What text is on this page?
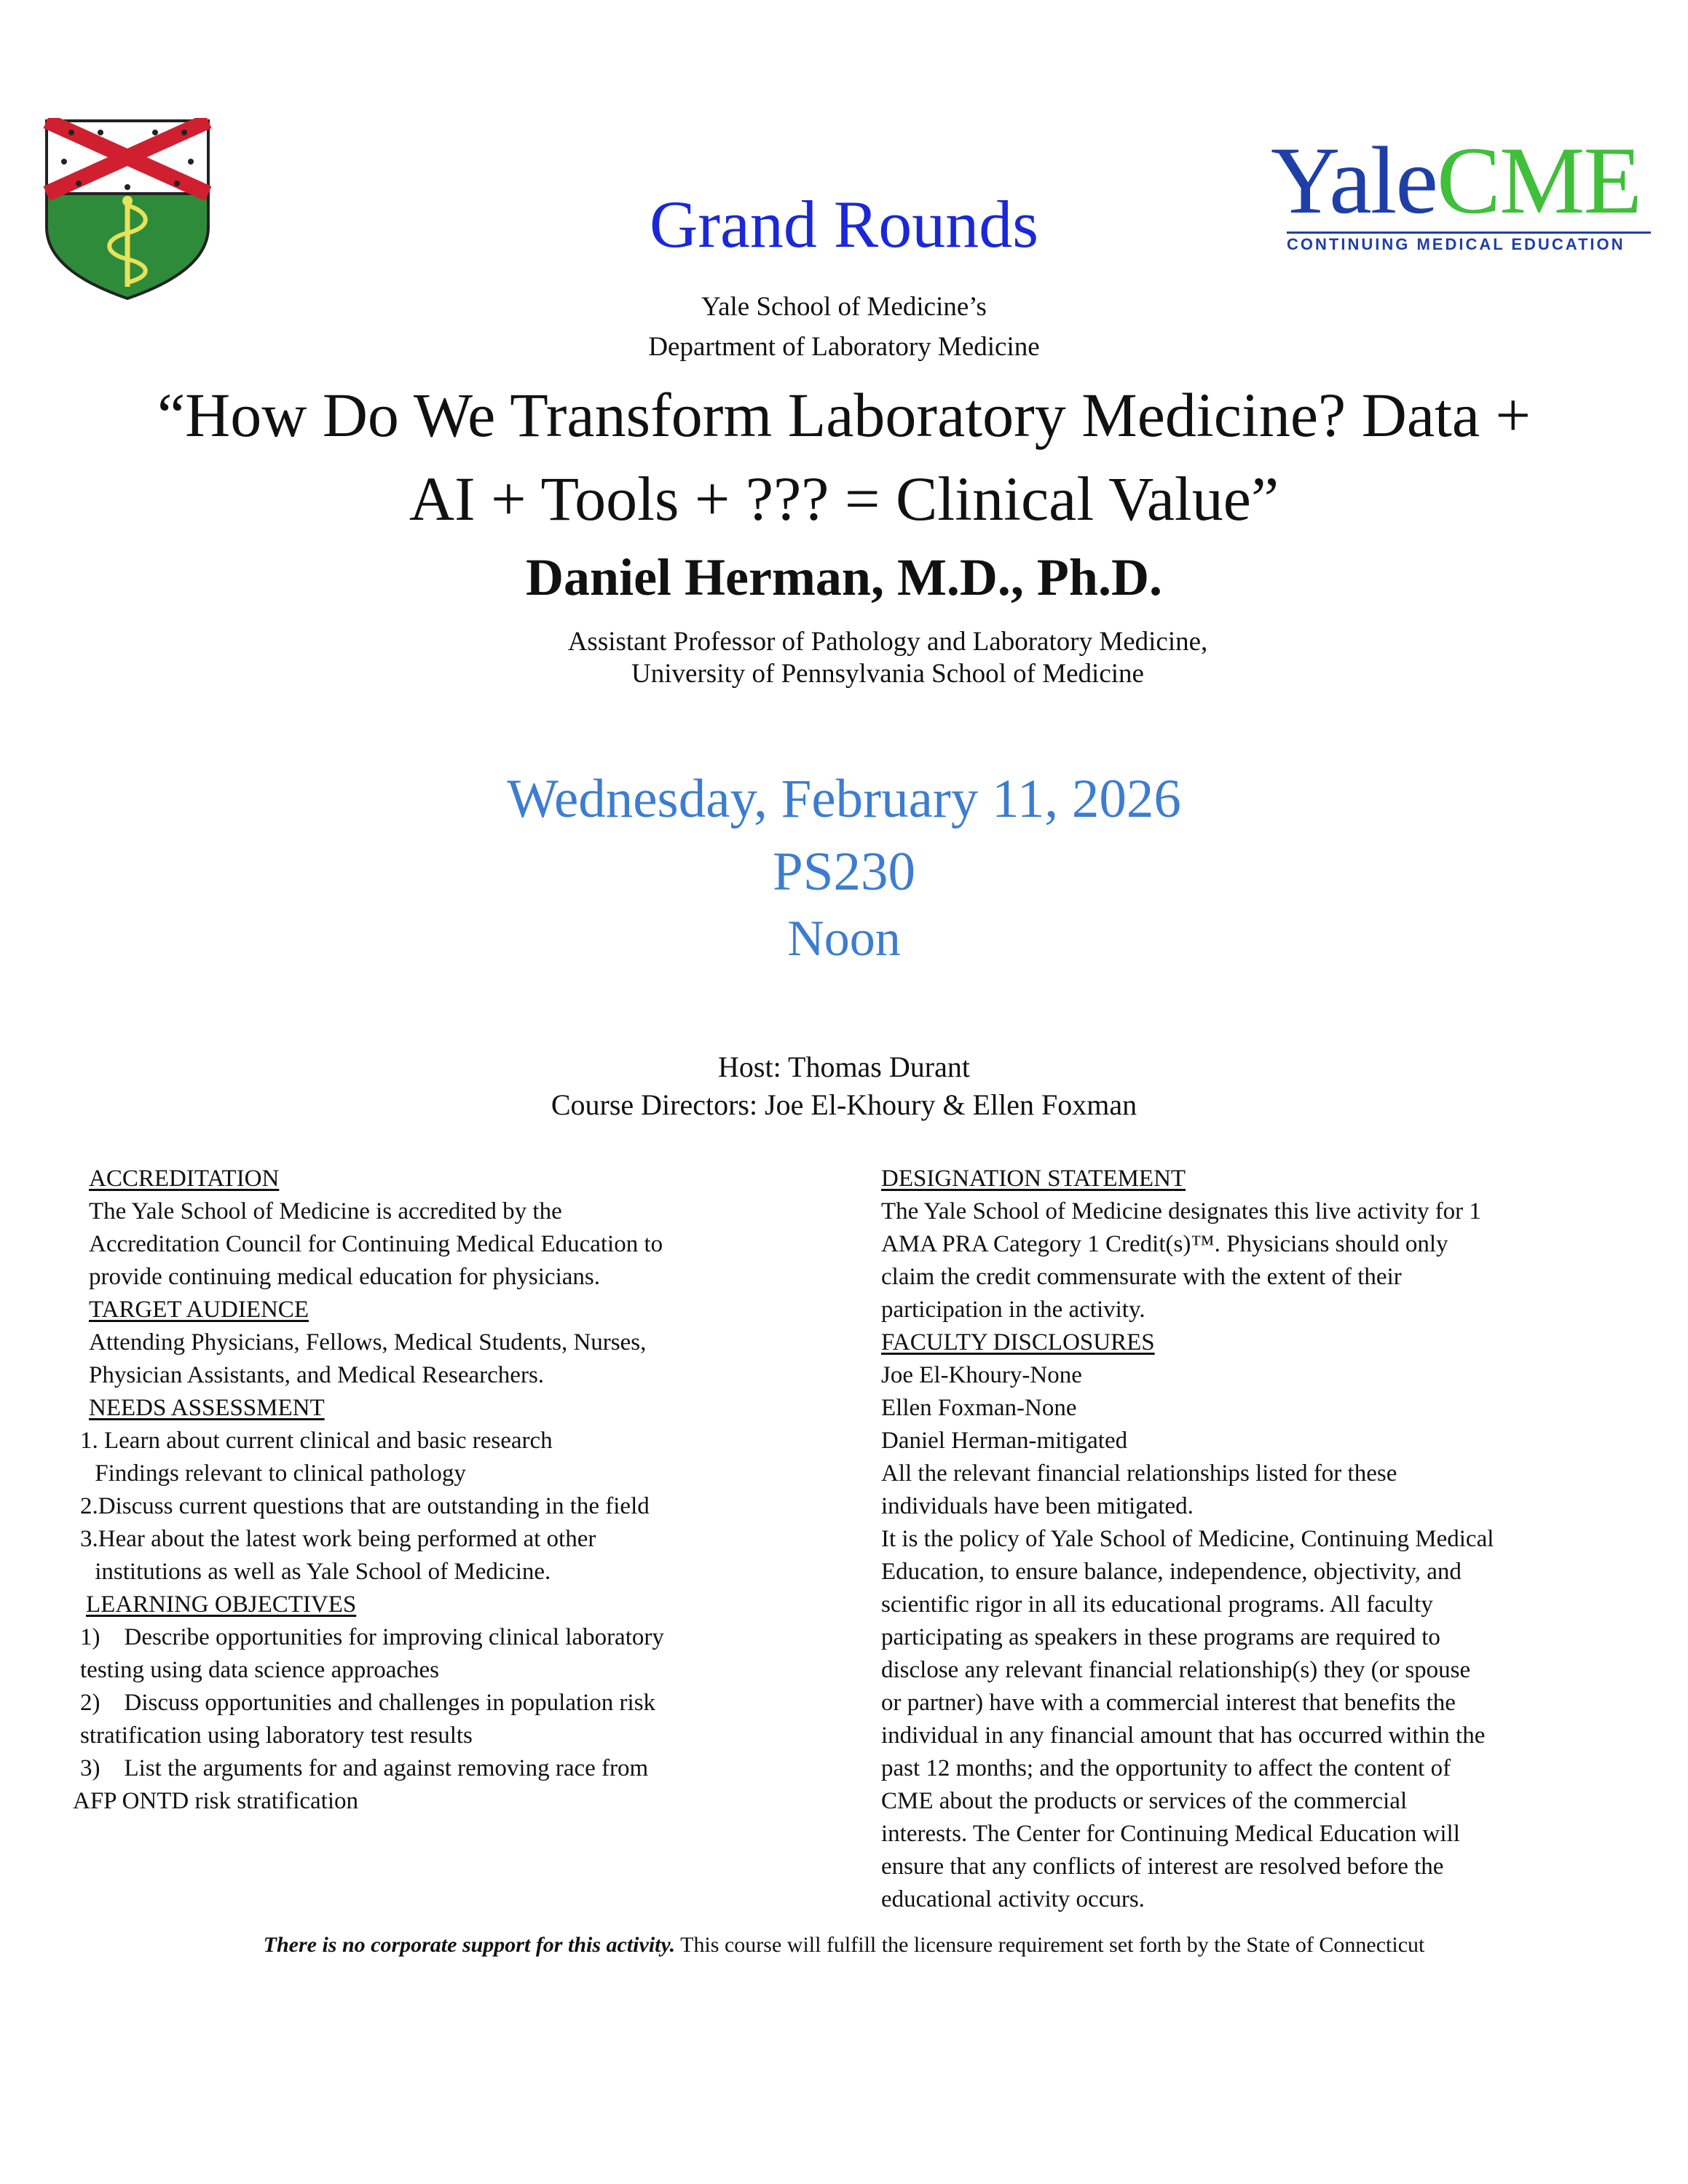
YaleCME
CONTINUING MEDICAL EDUCATION
Grand Rounds
Yale School of Medicine’s
Department of Laboratory Medicine
“How Do We Transform Laboratory Medicine? Data +
AI + Tools + ??? = Clinical Value”
Daniel Herman, M.D., Ph.D.
Assistant Professor of Pathology and Laboratory Medicine,
University of Pennsylvania School of Medicine
Wednesday, February 11, 2026
PS230
Noon
Host: Thomas Durant
Course Directors: Joe El-Khoury & Ellen Foxman
ACCREDITATION
The Yale School of Medicine is accredited by the
Accreditation Council for Continuing Medical Education to
provide continuing medical education for physicians.
TARGET AUDIENCE
Attending Physicians, Fellows, Medical Students, Nurses,
Physician Assistants, and Medical Researchers.
NEEDS ASSESSMENT
1. Learn about current clinical and basic research
Findings relevant to clinical pathology
2.Discuss current questions that are outstanding in the field
3.Hear about the latest work being performed at other
institutions as well as Yale School of Medicine.
LEARNING OBJECTIVES
1)    Describe opportunities for improving clinical laboratory
testing using data science approaches
2)    Discuss opportunities and challenges in population risk
stratification using laboratory test results
3)    List the arguments for and against removing race from
AFP ONTD risk stratification
DESIGNATION STATEMENT
The Yale School of Medicine designates this live activity for 1
AMA PRA Category 1 Credit(s)™. Physicians should only
claim the credit commensurate with the extent of their
participation in the activity.
FACULTY DISCLOSURES
Joe El-Khoury-None
Ellen Foxman-None
Daniel Herman-mitigated
All the relevant financial relationships listed for these
individuals have been mitigated.
It is the policy of Yale School of Medicine, Continuing Medical
Education, to ensure balance, independence, objectivity, and
scientific rigor in all its educational programs. All faculty
participating as speakers in these programs are required to
disclose any relevant financial relationship(s) they (or spouse
or partner) have with a commercial interest that benefits the
individual in any financial amount that has occurred within the
past 12 months; and the opportunity to affect the content of
CME about the products or services of the commercial
interests. The Center for Continuing Medical Education will
ensure that any conflicts of interest are resolved before the
educational activity occurs.
There is no corporate support for this activity. This course will fulfill the licensure requirement set forth by the State of Connecticut
